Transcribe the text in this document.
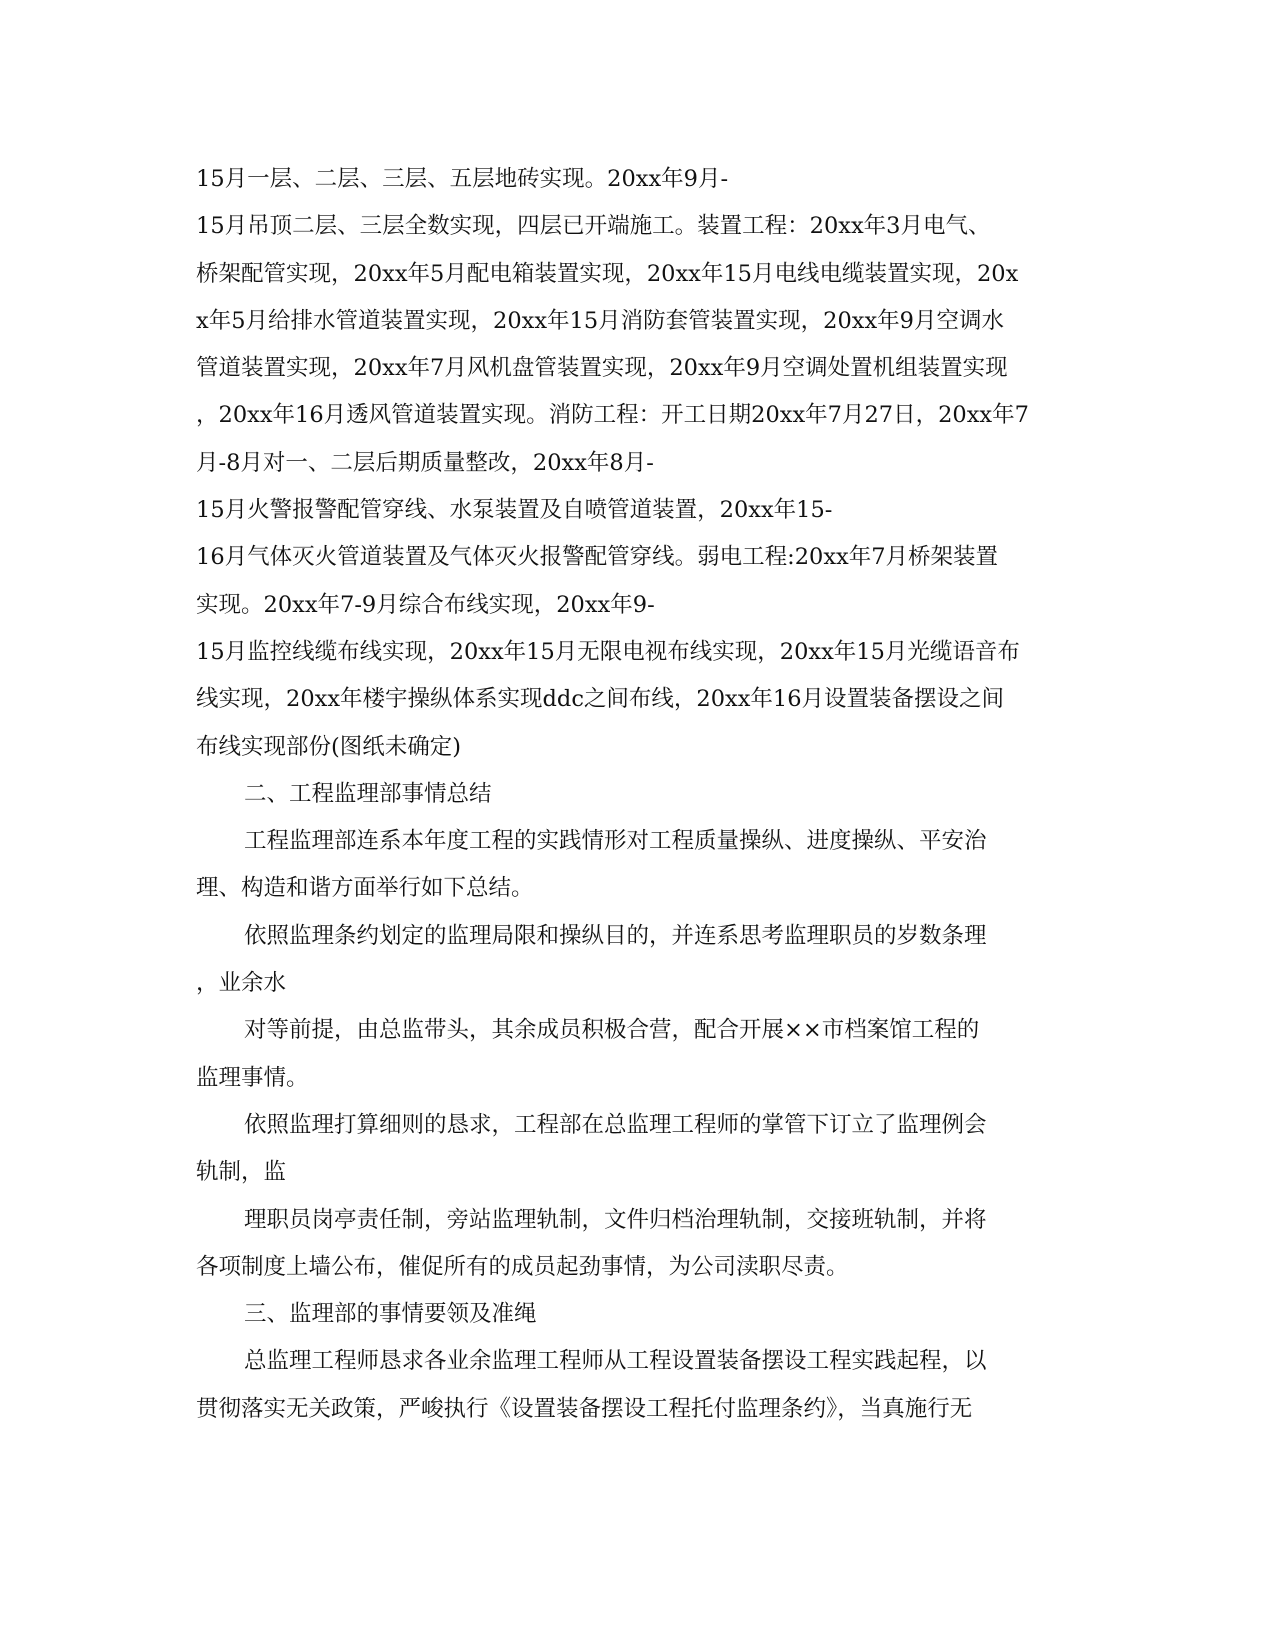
15月一层、二层、三层、五层地砖实现。20xx年9月-
15月吊顶二层、三层全数实现，四层已开端施工。装置工程：20xx年3月电气、
桥架配管实现，20xx年5月配电箱装置实现，20xx年15月电线电缆装置实现，20x
x年5月给排水管道装置实现，20xx年15月消防套管装置实现，20xx年9月空调水
管道装置实现，20xx年7月风机盘管装置实现，20xx年9月空调处置机组装置实现
，20xx年16月透风管道装置实现。消防工程：开工日期20xx年7月27日，20xx年7
月-8月对一、二层后期质量整改，20xx年8月-
15月火警报警配管穿线、水泵装置及自喷管道装置，20xx年15-
16月气体灭火管道装置及气体灭火报警配管穿线。弱电工程:20xx年7月桥架装置
实现。20xx年7-9月综合布线实现，20xx年9-
15月监控线缆布线实现，20xx年15月无限电视布线实现，20xx年15月光缆语音布
线实现，20xx年楼宇操纵体系实现ddc之间布线，20xx年16月设置装备摆设之间
布线实现部份(图纸未确定)
二、工程监理部事情总结
工程监理部连系本年度工程的实践情形对工程质量操纵、进度操纵、平安治
理、构造和谐方面举行如下总结。
依照监理条约划定的监理局限和操纵目的，并连系思考监理职员的岁数条理
，业余水
对等前提，由总监带头，其余成员积极合营，配合开展××市档案馆工程的
监理事情。
依照监理打算细则的恳求，工程部在总监理工程师的掌管下订立了监理例会
轨制，监
理职员岗亭责任制，旁站监理轨制，文件归档治理轨制，交接班轨制，并将
各项制度上墙公布，催促所有的成员起劲事情，为公司渎职尽责。
三、监理部的事情要领及准绳
总监理工程师恳求各业余监理工程师从工程设置装备摆设工程实践起程，以
贯彻落实无关政策，严峻执行《设置装备摆设工程托付监理条约》，当真施行无
